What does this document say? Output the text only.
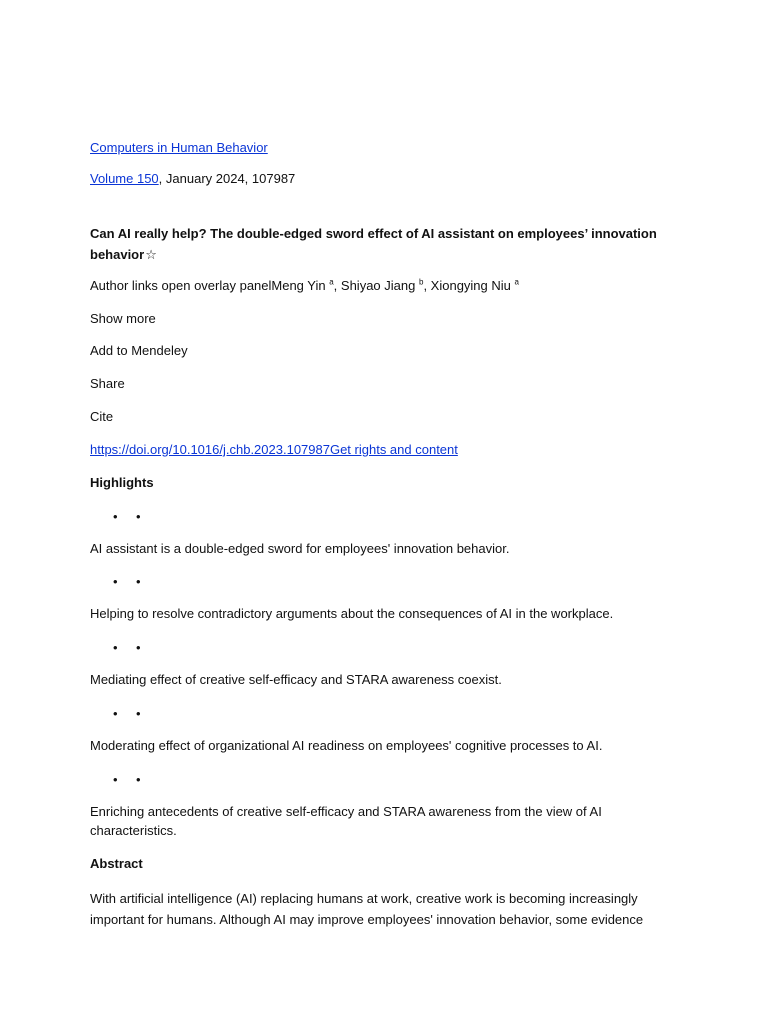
Computers in Human Behavior

Volume 150, January 2024, 107987

Can AI really help? The double-edged sword effect of AI assistant on employees’ innovation behavior☆

Author links open overlay panelMeng Yin $^a$, Shiyao Jiang $^b$, Xiongying Niu $^a$

Show more

Add to Mendeley

Share

Cite

https://doi.org/10.1016/j.chb.2023.107987Get rights and content

Highlights

• •

AI assistant is a double-edged sword for employees' innovation behavior.

• •

Helping to resolve contradictory arguments about the consequences of AI in the workplace.

• •

Mediating effect of creative self-efficacy and STARA awareness coexist.

• •

Moderating effect of organizational AI readiness on employees' cognitive processes to AI.

• •

Enriching antecedents of creative self-efficacy and STARA awareness from the view of AI characteristics.

Abstract

With artificial intelligence (AI) replacing humans at work, creative work is becoming increasingly important for humans. Although AI may improve employees' innovation behavior, some evidence
